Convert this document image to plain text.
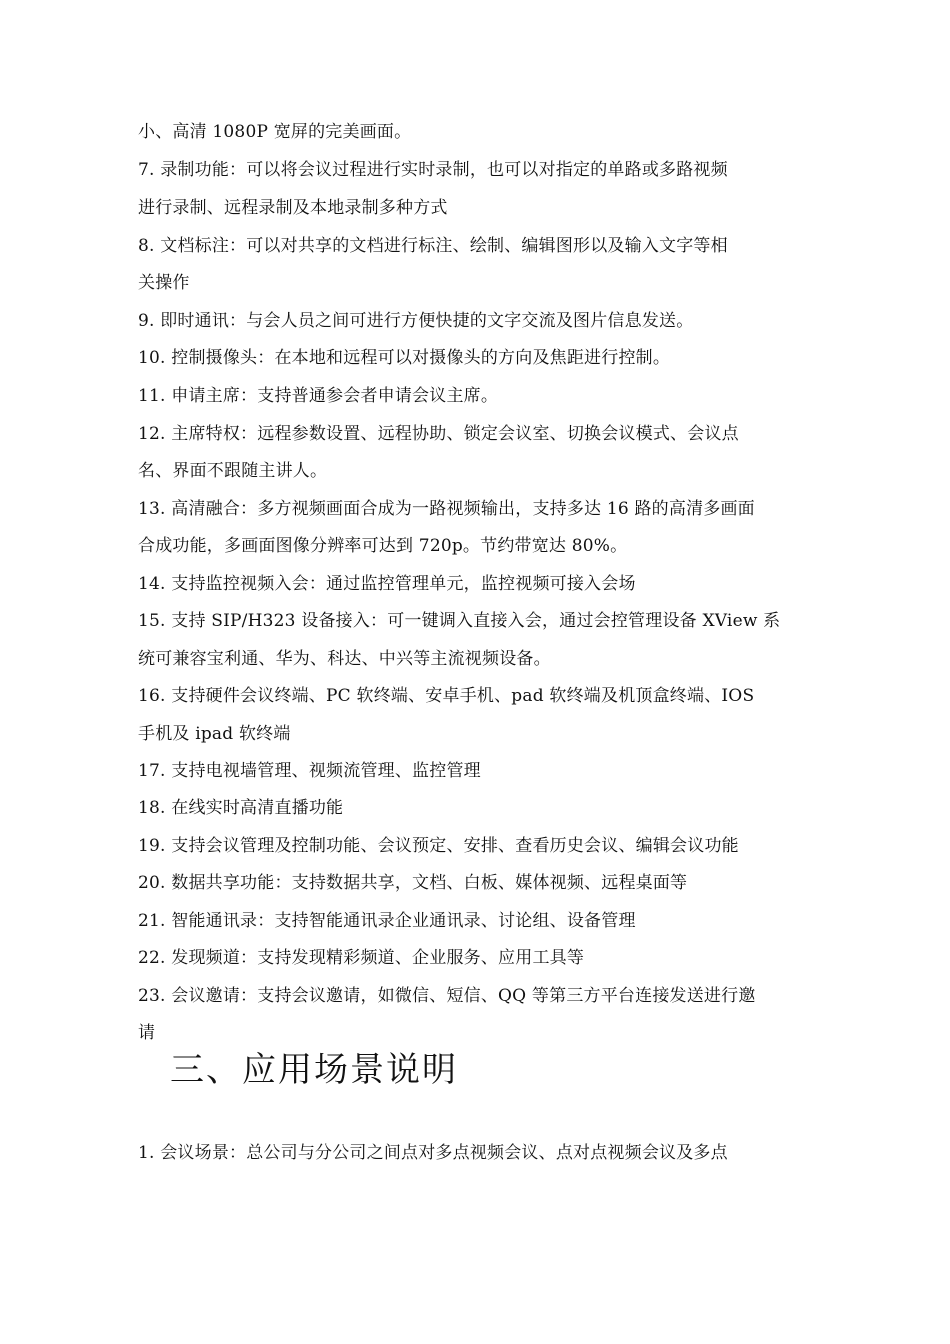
小、高清 1080P 宽屏的完美画面。
7. 录制功能：可以将会议过程进行实时录制，也可以对指定的单路或多路视频
进行录制、远程录制及本地录制多种方式
8. 文档标注：可以对共享的文档进行标注、绘制、编辑图形以及输入文字等相
关操作
9. 即时通讯：与会人员之间可进行方便快捷的文字交流及图片信息发送。
10. 控制摄像头：在本地和远程可以对摄像头的方向及焦距进行控制。
11. 申请主席：支持普通参会者申请会议主席。
12. 主席特权：远程参数设置、远程协助、锁定会议室、切换会议模式、会议点
名、界面不跟随主讲人。
13. 高清融合：多方视频画面合成为一路视频输出，支持多达 16 路的高清多画面
合成功能，多画面图像分辨率可达到 720p。节约带宽达 80%。
14. 支持监控视频入会：通过监控管理单元，监控视频可接入会场
15. 支持 SIP/H323 设备接入：可一键调入直接入会，通过会控管理设备 XView 系
统可兼容宝利通、华为、科达、中兴等主流视频设备。
16. 支持硬件会议终端、PC 软终端、安卓手机、pad 软终端及机顶盒终端、IOS
手机及 ipad 软终端
17. 支持电视墙管理、视频流管理、监控管理
18. 在线实时高清直播功能
19. 支持会议管理及控制功能、会议预定、安排、查看历史会议、编辑会议功能
20. 数据共享功能：支持数据共享，文档、白板、媒体视频、远程桌面等
21. 智能通讯录：支持智能通讯录企业通讯录、讨论组、设备管理
22. 发现频道：支持发现精彩频道、企业服务、应用工具等
23. 会议邀请：支持会议邀请，如微信、短信、QQ 等第三方平台连接发送进行邀
请
三、应用场景说明
1. 会议场景：总公司与分公司之间点对多点视频会议、点对点视频会议及多点
